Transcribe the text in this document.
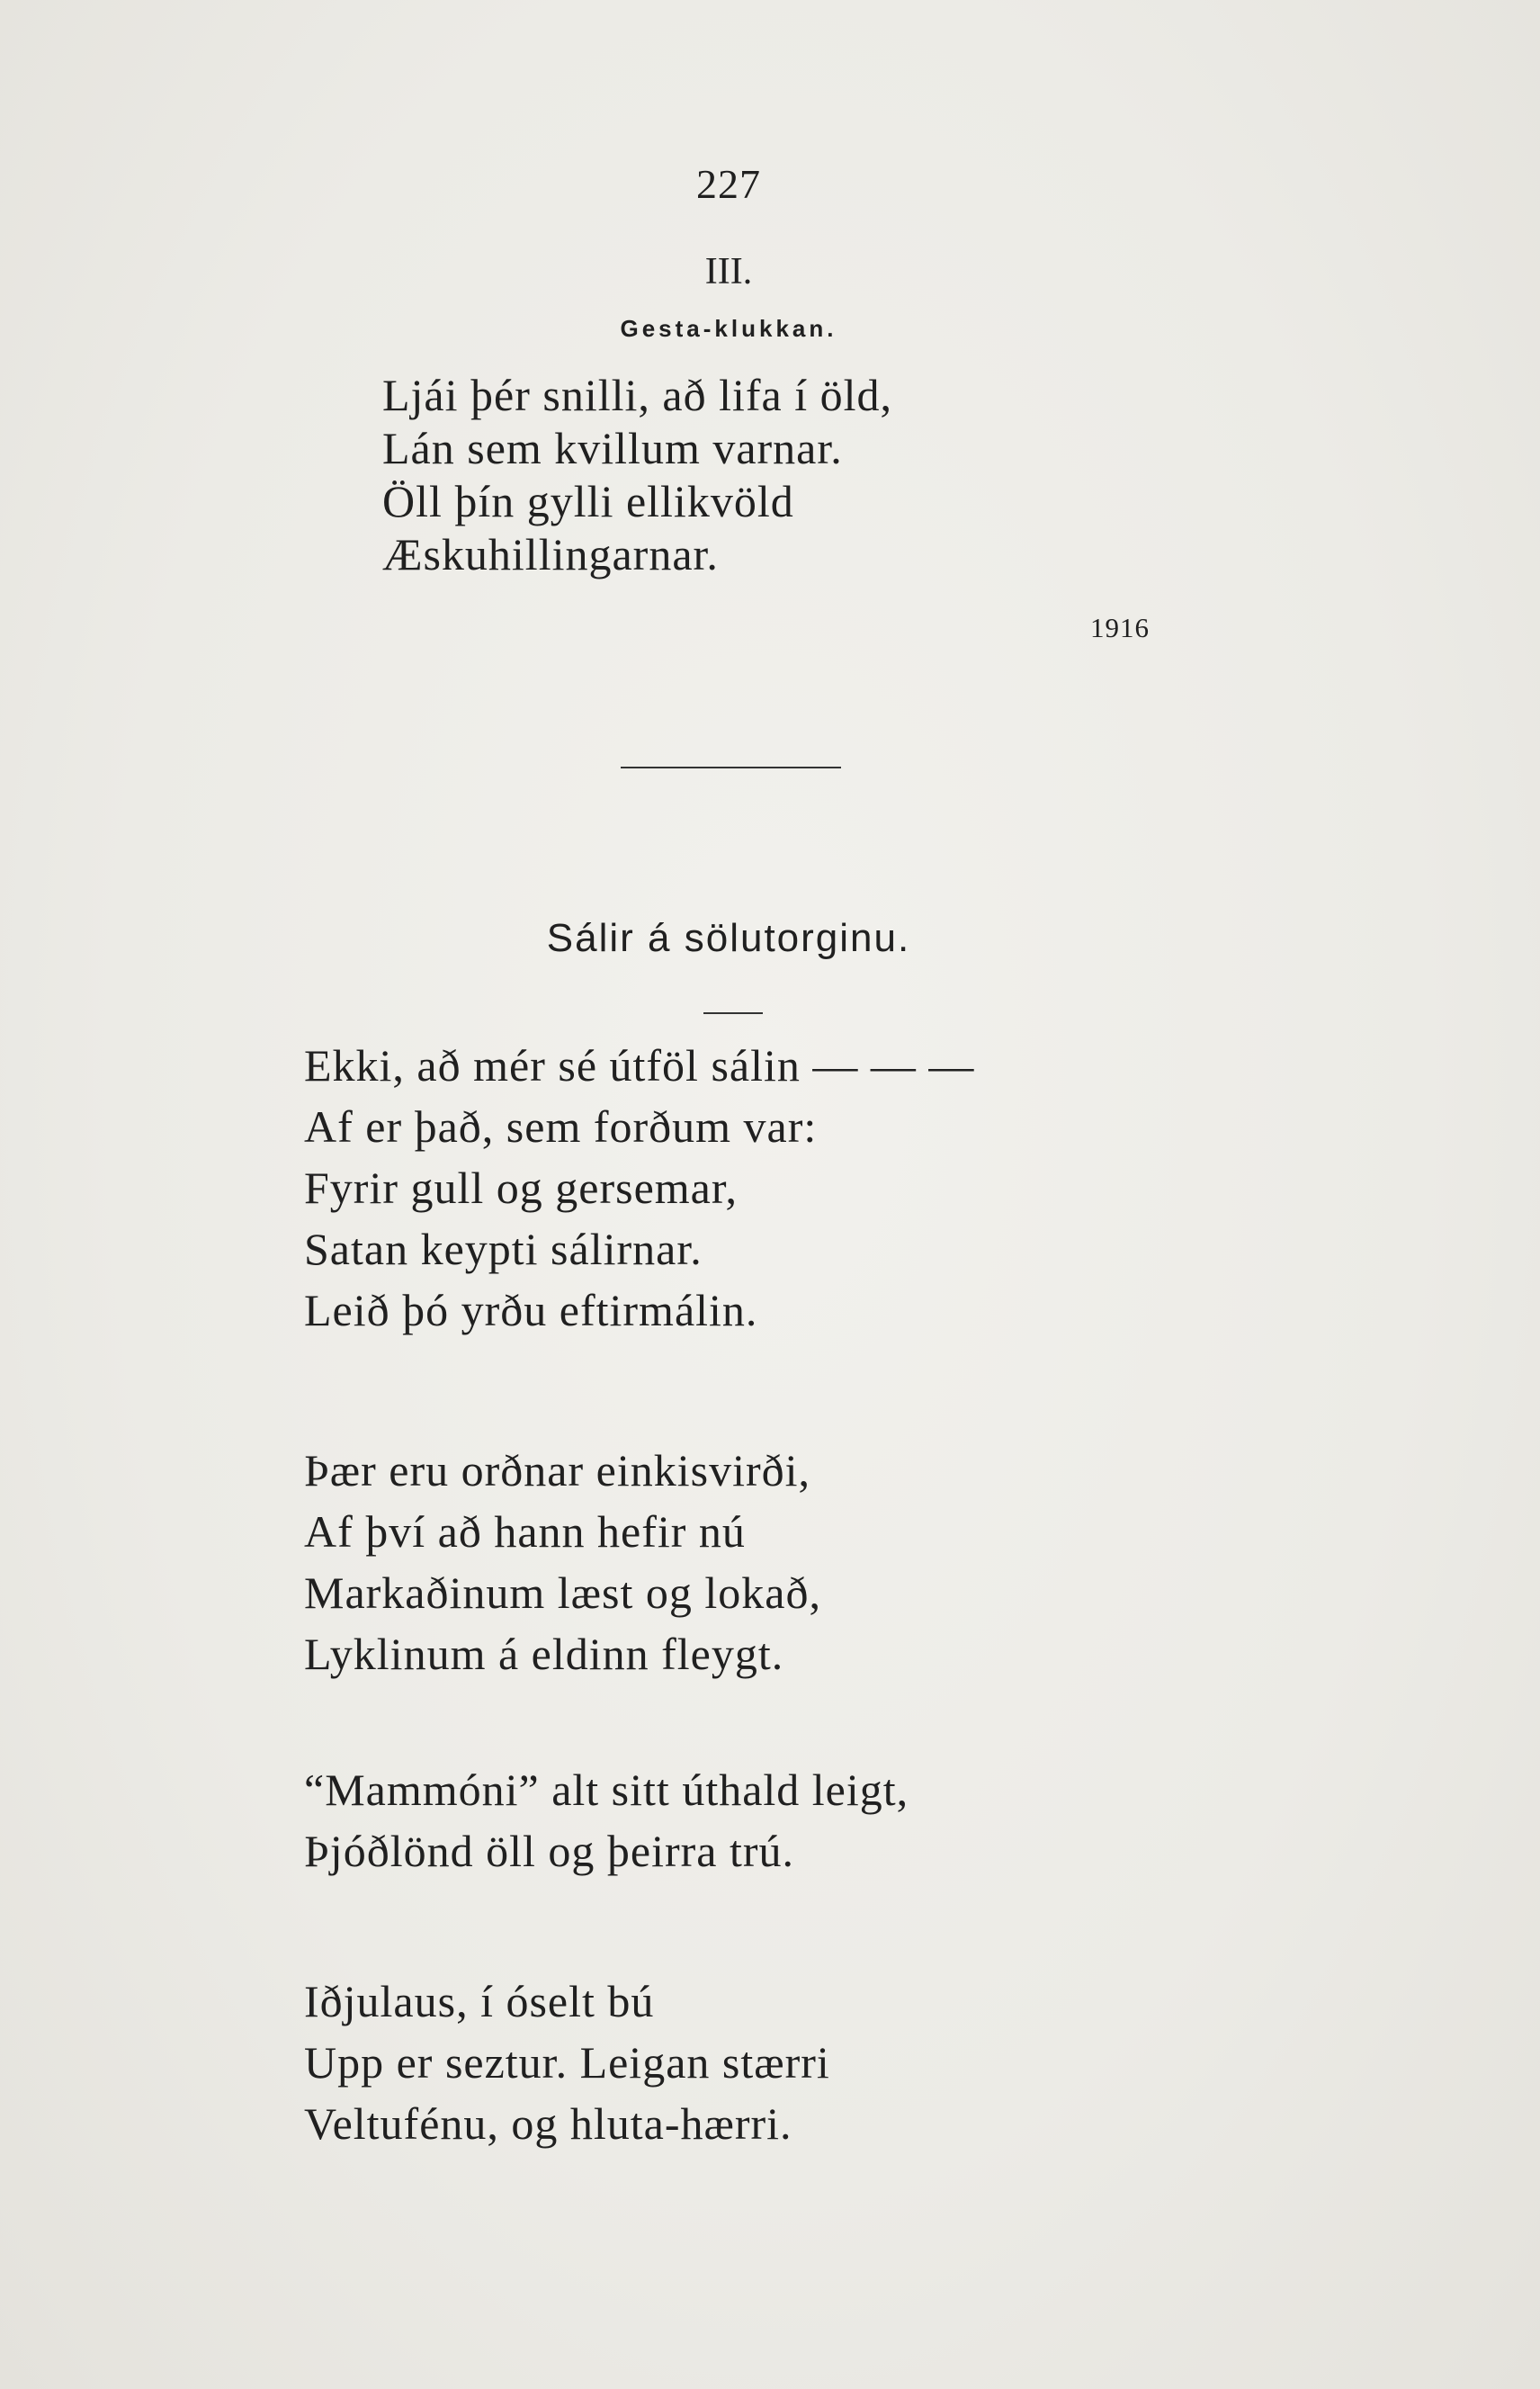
227
III.
Gesta-klukkan.
Ljái þér snilli, að lifa í öld,
Lán sem kvillum varnar.
Öll þín gylli ellikvöld
Æskuhillingarnar.
1916
Sálir á sölutorginu.
Ekki, að mér sé útföl sálin — — —
Af er það, sem forðum var:
Fyrir gull og gersemar,
Satan keypti sálirnar.
Leið þó yrðu eftirmálin.
Þær eru orðnar einkisvirði,
Af því að hann hefir nú
Markaðinum læst og lokað,
Lyklinum á eldinn fleygt.
“Mammóni” alt sitt úthald leigt,
Þjóðlönd öll og þeirra trú.
Iðjulaus, í óselt bú
Upp er seztur. Leigan stærri
Veltufénu, og hluta-hærri.
